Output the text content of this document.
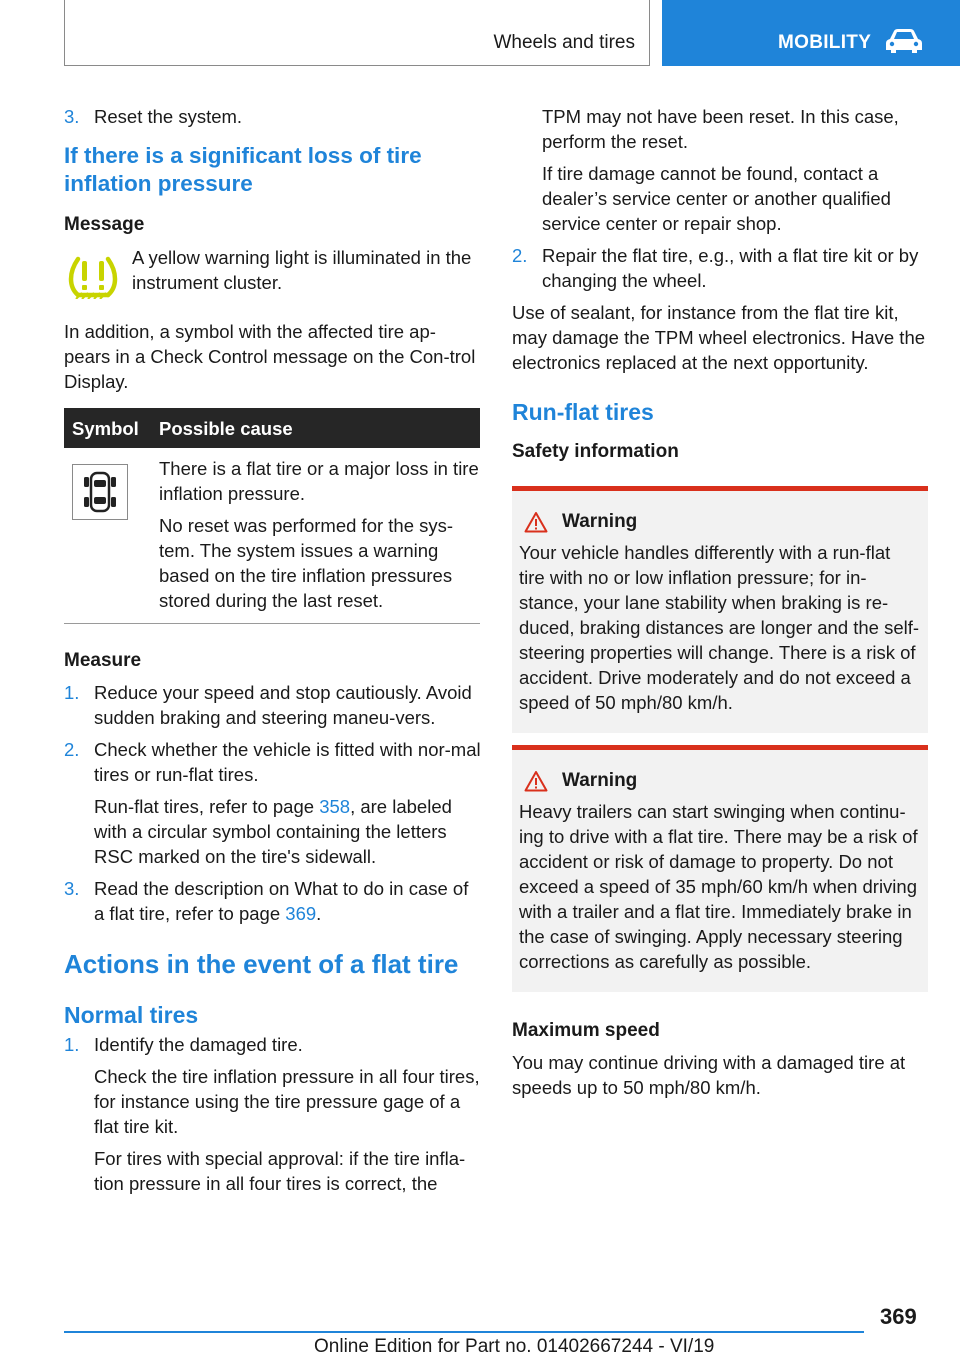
Wheels and tires	MOBILITY
3. Reset the system.
If there is a significant loss of tire inflation pressure
Message
A yellow warning light is illuminated in the instrument cluster.

In addition, a symbol with the affected tire ap-pears in a Check Control message on the Con-trol Display.

Symbol	Possible cause

There is a flat tire or a major loss in tire inflation pressure.

No reset was performed for the sys-tem. The system issues a warning based on the tire inflation pressures stored during the last reset.

Measure
1. Reduce your speed and stop cautiously. Avoid sudden braking and steering maneu-vers.
2. Check whether the vehicle is fitted with nor-mal tires or run-flat tires.

Run-flat tires, refer to page 358, are labeled with a circular symbol containing the letters RSC marked on the tire's sidewall.

3. Read the description on What to do in case of a flat tire, refer to page 369.
Actions in the event of a flat tire
Normal tires
1. Identify the damaged tire.

Check the tire inflation pressure in all four tires, for instance using the tire pressure gage of a flat tire kit.

For tires with special approval: if the tire infla-tion pressure in all four tires is correct, the

TPM may not have been reset. In this case, perform the reset.

If tire damage cannot be found, contact a dealer’s service center or another qualified service center or repair shop.

2. Repair the flat tire, e.g., with a flat tire kit or by changing the wheel.

Use of sealant, for instance from the flat tire kit, may damage the TPM wheel electronics. Have the electronics replaced at the next opportunity.

Run-flat tires
Safety information
Warning

Your vehicle handles differently with a run-flat tire with no or low inflation pressure; for in-stance, your lane stability when braking is re-duced, braking distances are longer and the self-steering properties will change. There is a risk of accident. Drive moderately and do not exceed a speed of 50 mph/80 km/h.

Warning

Heavy trailers can start swinging when continu-ing to drive with a flat tire. There may be a risk of accident or risk of damage to property. Do not exceed a speed of 35 mph/60 km/h when driving with a trailer and a flat tire. Immediately brake in the case of swinging. Apply necessary steering corrections as carefully as possible.

Maximum speed

You may continue driving with a damaged tire at speeds up to 50 mph/80 km/h.

369
Online Edition for Part no. 01402667244 - VI/19
